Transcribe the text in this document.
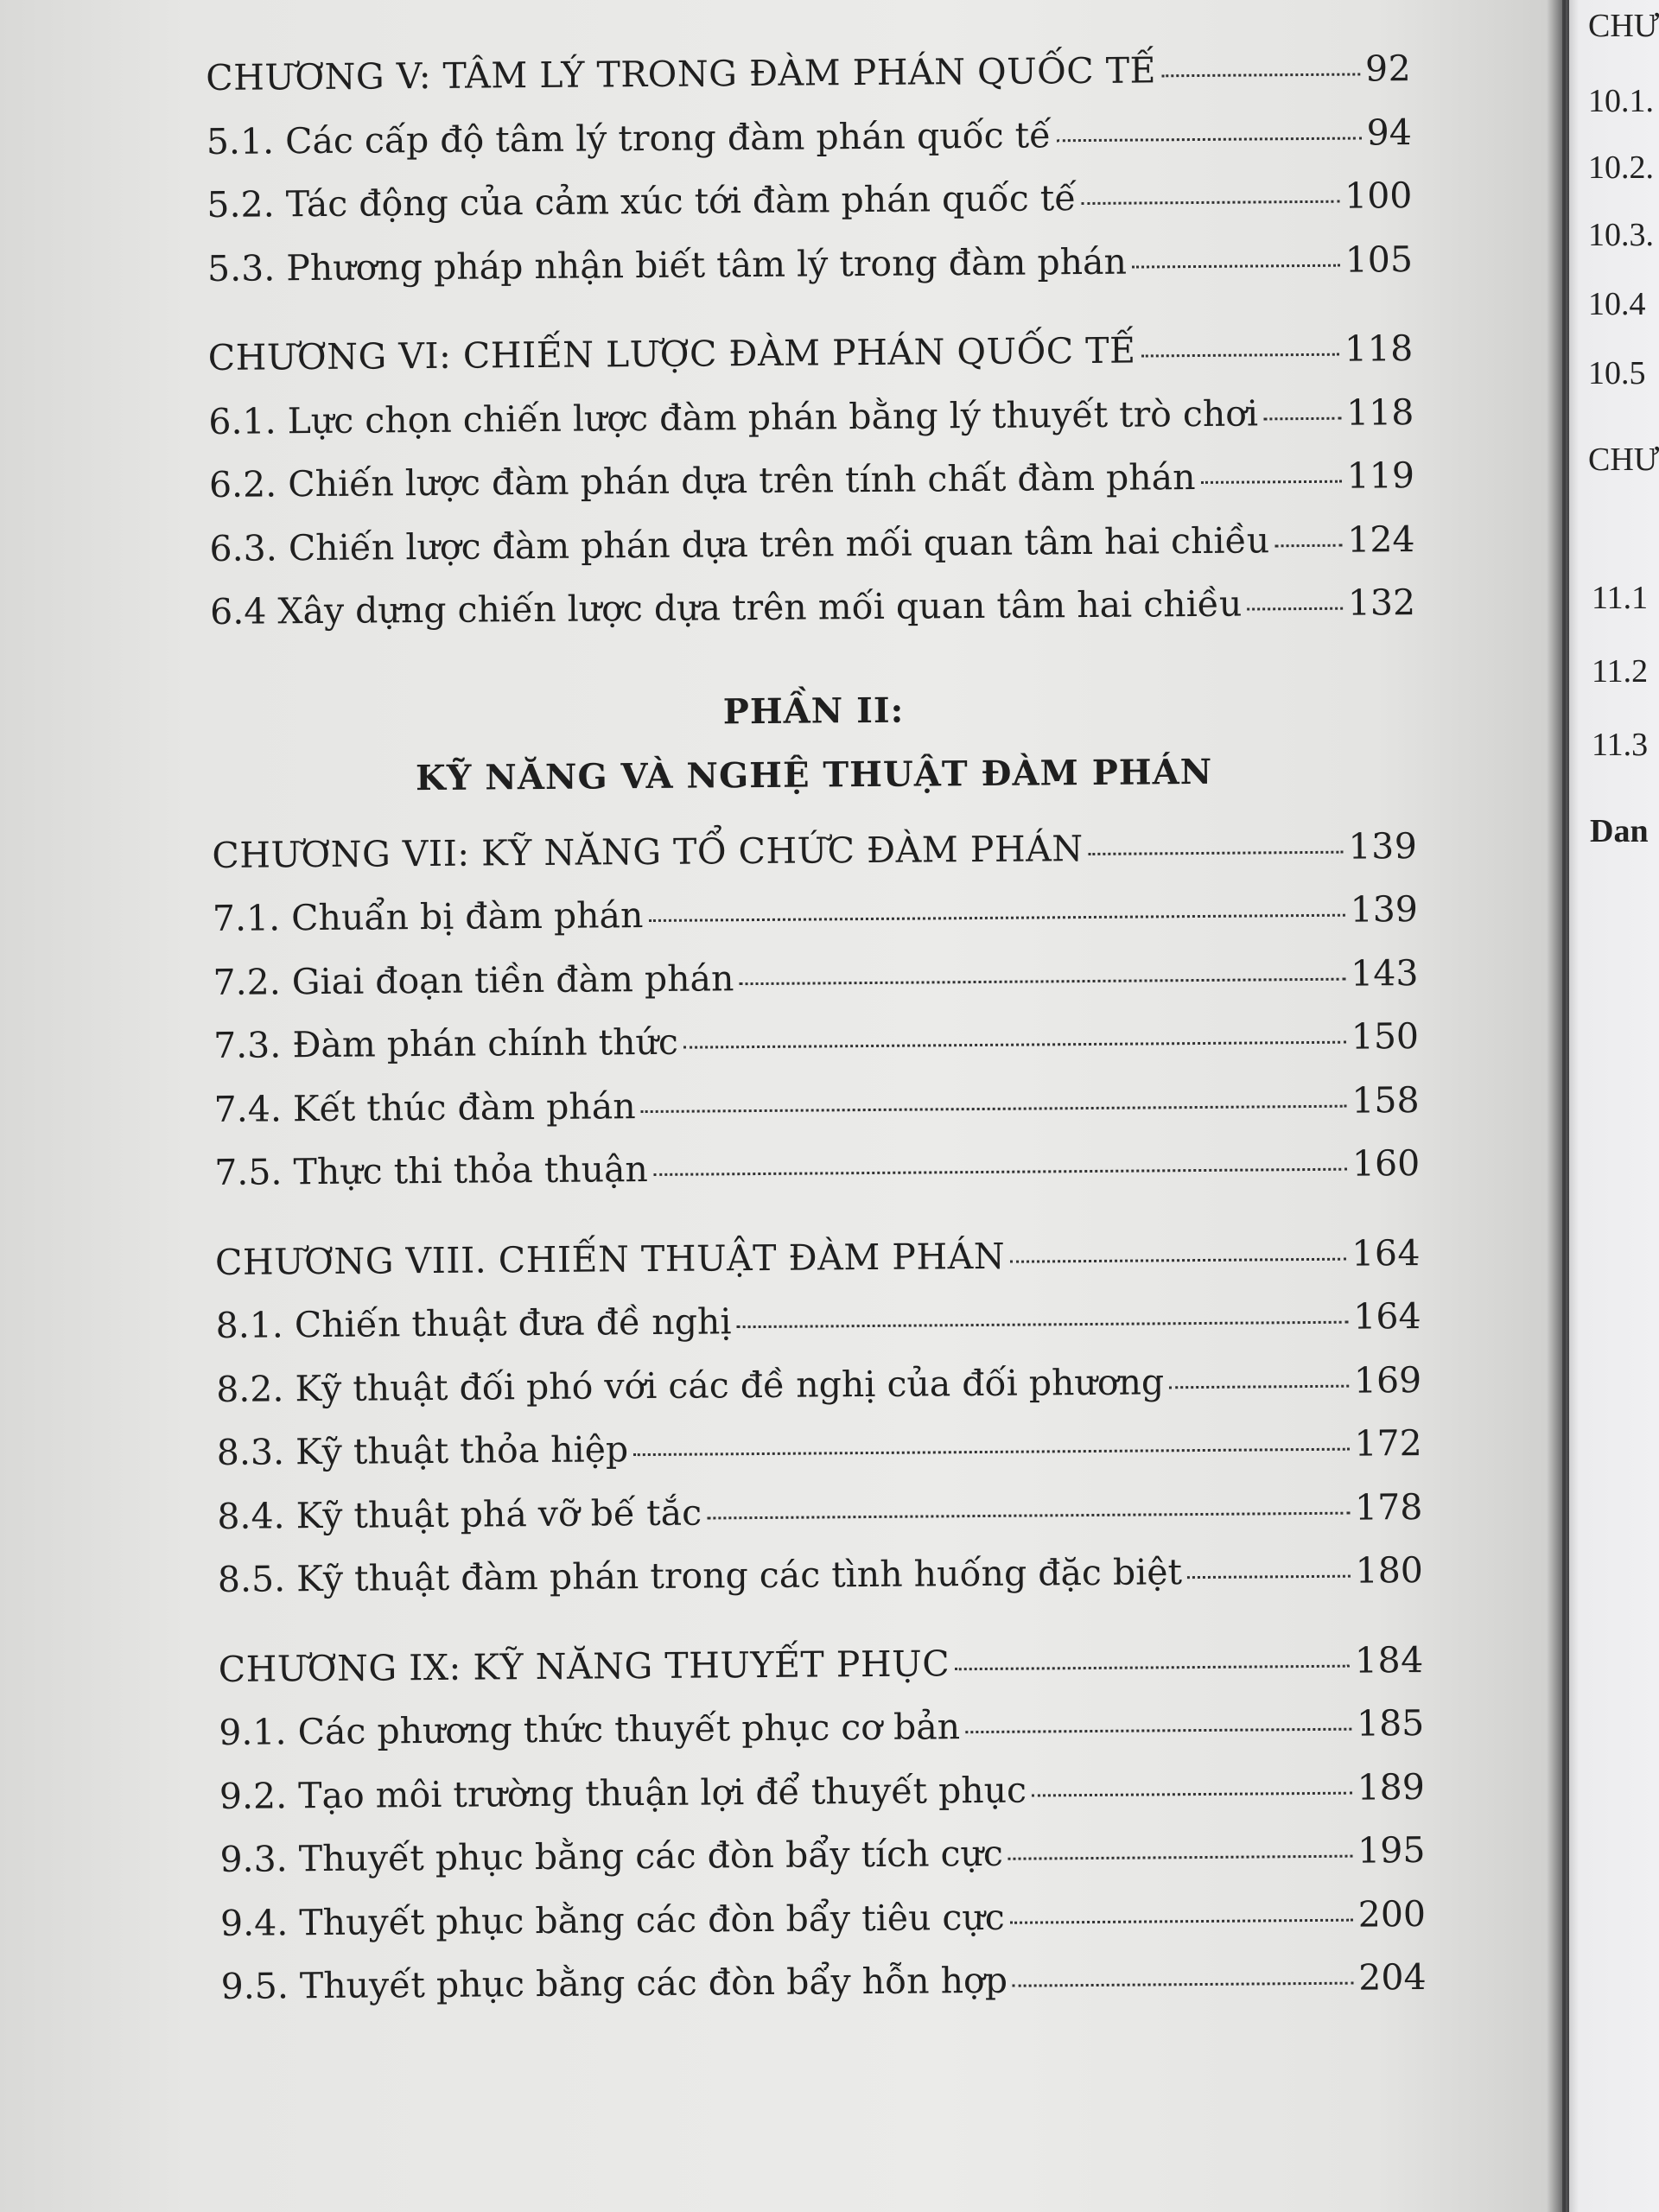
CHƯƠNG V: TÂM LÝ TRONG ĐÀM PHÁN QUỐC TẾ	92
5.1. Các cấp độ tâm lý trong đàm phán quốc tế	94
5.2. Tác động của cảm xúc tới đàm phán quốc tế	100
5.3. Phương pháp nhận biết tâm lý trong đàm phán	105
CHƯƠNG VI: CHIẾN LƯỢC ĐÀM PHÁN QUỐC TẾ	118
6.1. Lực chọn chiến lược đàm phán bằng lý thuyết trò chơi 118
6.2. Chiến lược đàm phán dựa trên tính chất đàm phán	119
6.3. Chiến lược đàm phán dựa trên mối quan tâm hai chiều 124
6.4 Xây dựng chiến lược dựa trên mối quan tâm hai chiều	132
PHẦN II:
KỸ NĂNG VÀ NGHỆ THUẬT ĐÀM PHÁN
CHƯƠNG VII: KỸ NĂNG TỔ CHỨC ĐÀM PHÁN	139
7.1. Chuẩn bị đàm phán	139
7.2. Giai đoạn tiền đàm phán	143
7.3. Đàm phán chính thức	150
7.4. Kết thúc đàm phán	158
7.5. Thực thi thỏa thuận	160
CHƯƠNG VIII. CHIẾN THUẬT ĐÀM PHÁN	164
8.1. Chiến thuật đưa đề nghị	164
8.2. Kỹ thuật đối phó với các đề nghị của đối phương	169
8.3. Kỹ thuật thỏa hiệp	172
8.4. Kỹ thuật phá vỡ bế tắc	178
8.5. Kỹ thuật đàm phán trong các tình huống đặc biệt	180
CHƯƠNG IX: KỸ NĂNG THUYẾT PHỤC	184
9.1. Các phương thức thuyết phục cơ bản	185
9.2. Tạo môi trường thuận lợi để thuyết phục	189
9.3. Thuyết phục bằng các đòn bẩy tích cực	195
9.4. Thuyết phục bằng các đòn bẩy tiêu cực	200
9.5. Thuyết phục bằng các đòn bẩy hỗn hợp	204
CHƯ
10.1.
10.2.
10.3.
10.4
10.5
CHƯ
11.1
11.2
11.3
Dan
